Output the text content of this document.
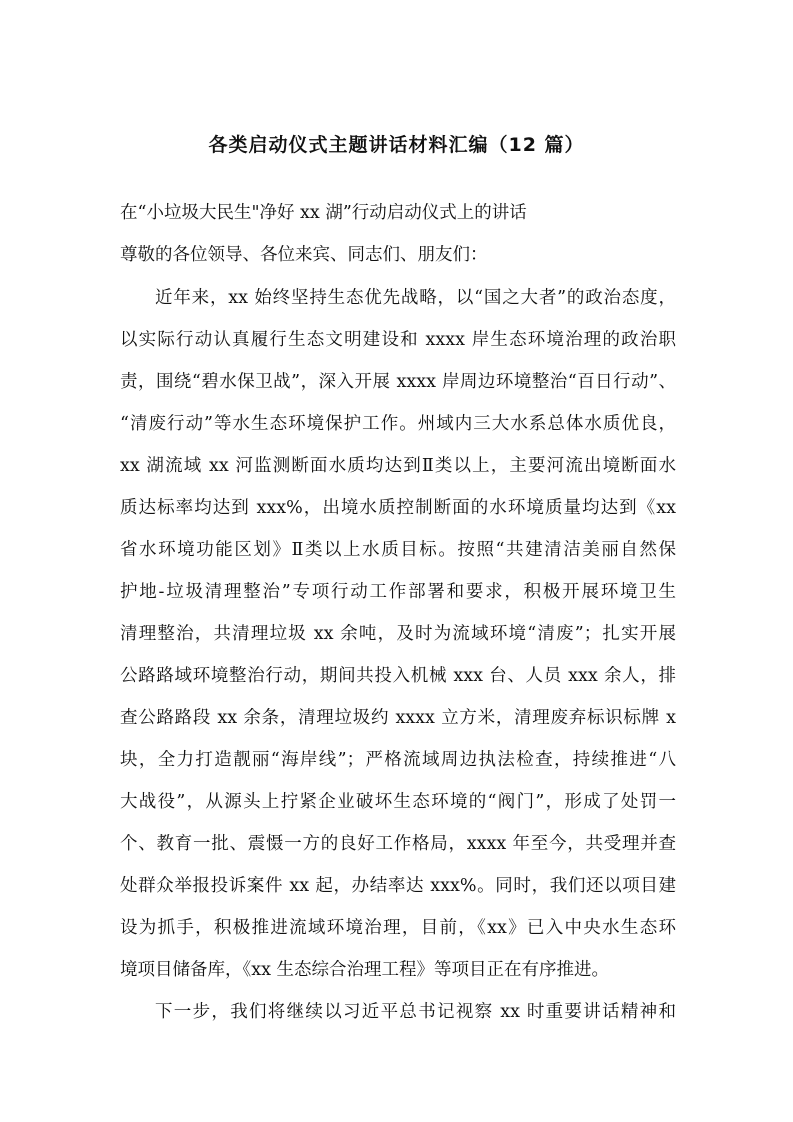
各类启动仪式主题讲话材料汇编（12 篇）
在“小垃圾大民生"净好 xx 湖”行动启动仪式上的讲话
尊敬的各位领导、各位来宾、同志们、朋友们：
近年来，xx 始终坚持生态优先战略，以“国之大者”的政治态度，
以实际行动认真履行生态文明建设和 xxxx 岸生态环境治理的政治职
责，围绕“碧水保卫战”，深入开展 xxxx 岸周边环境整治“百日行动”、
“清废行动”等水生态环境保护工作。州域内三大水系总体水质优良，
xx 湖流域 xx 河监测断面水质均达到Ⅱ类以上，主要河流出境断面水
质达标率均达到 xxx%，出境水质控制断面的水环境质量均达到《xx
省水环境功能区划》Ⅱ类以上水质目标。按照“共建清洁美丽自然保
护地-垃圾清理整治”专项行动工作部署和要求，积极开展环境卫生
清理整治，共清理垃圾 xx 余吨，及时为流域环境“清废”；扎实开展
公路路域环境整治行动，期间共投入机械 xxx 台、人员 xxx 余人，排
查公路路段 xx 余条，清理垃圾约 xxxx 立方米，清理废弃标识标牌 x
块，全力打造靓丽“海岸线”；严格流域周边执法检查，持续推进“八
大战役”，从源头上拧紧企业破坏生态环境的“阀门”，形成了处罚一
个、教育一批、震慑一方的良好工作格局，xxxx 年至今，共受理并查
处群众举报投诉案件 xx 起，办结率达 xxx%。同时，我们还以项目建
设为抓手，积极推进流域环境治理，目前，《xx》已入中央水生态环
境项目储备库，《xx 生态综合治理工程》等项目正在有序推进。
下一步，我们将继续以习近平总书记视察 xx 时重要讲话精神和
